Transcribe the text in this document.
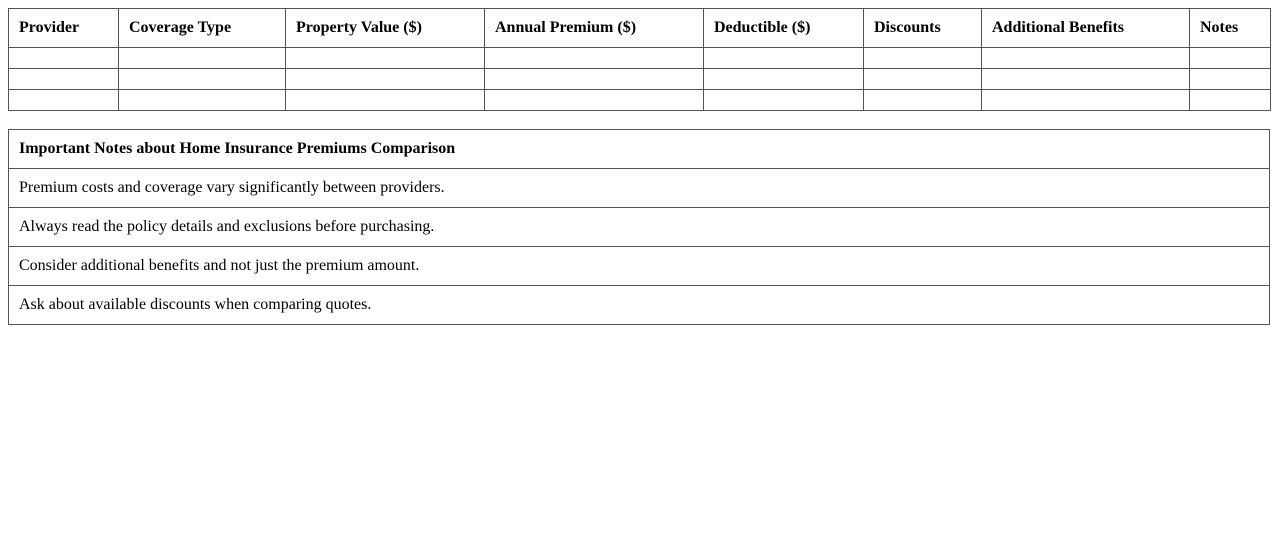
Provider	Coverage Type	Property Value ($)	Annual Premium ($)	Deductible ($)	Discounts	Additional Benefits	Notes

Important Notes about Home Insurance Premiums Comparison
Premium costs and coverage vary significantly between providers.
Always read the policy details and exclusions before purchasing.
Consider additional benefits and not just the premium amount.
Ask about available discounts when comparing quotes.
